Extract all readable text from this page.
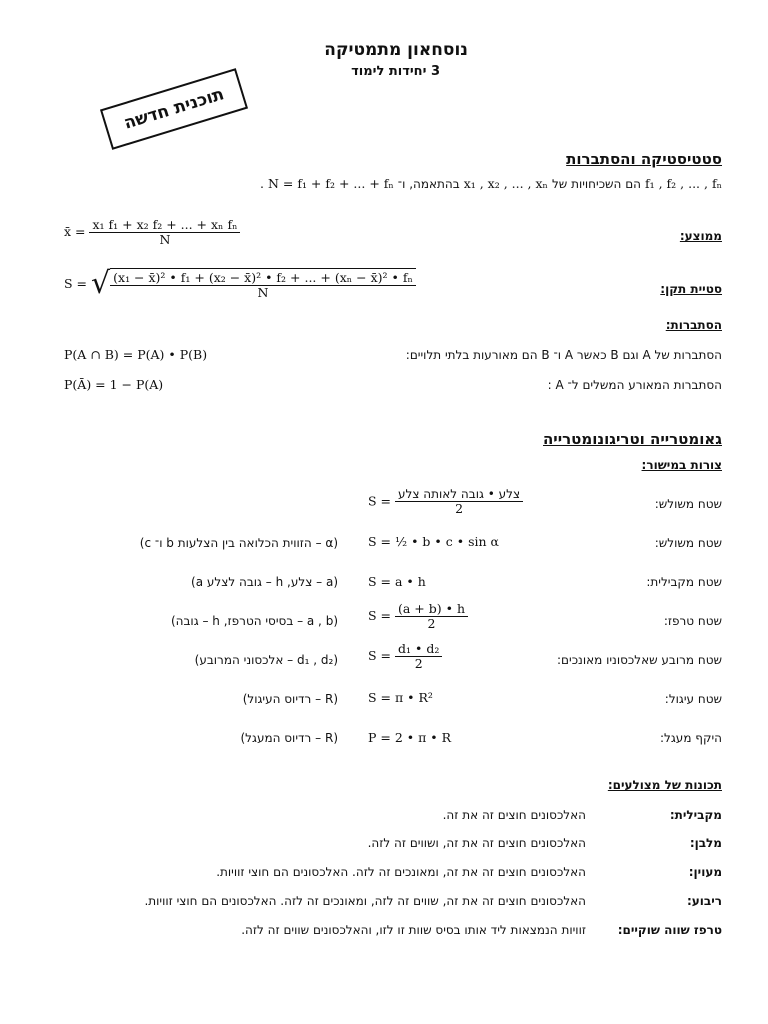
נוסחאון מתמטיקה
3 יחידות לימוד
תוכנית חדשה
סטטיסטיקה והסתברות
f₁ , f₂ , ... , fₙ הם השכיחויות של x₁ , x₂ , ... , xₙ בהתאמה, ו־ . N = f₁ + f₂ + ... + fₙ
ממוצע:
x̄ = $\frac{\text{x₁ f₁ + x₂ f₂ + ... + xₙ fₙ}}{N}$
סטיית תקן:
S = √ $\frac{\text{(x₁ − x̄)² • f₁ + (x₂ − x̄)² • f₂ + ... + (xₙ − x̄)² • fₙ}}{N}$
הסתברות:
הסתברות של A וגם B כאשר A ו־ B הם מאורעות בלתי תלויים:
P(A ∩ B) = P(A) • P(B)
הסתברות המאורע המשלים ל־ A :
P(Ā) = 1 − P(A)
גאומטרייה וטריגונומטרייה
צורות במישור:
שטח משולש:
$S = \frac{\text{צלע • גובה לאותה צלע}}{2}$
שטח משולש:
S = ½ • b • c • sin α
(α – הזווית הכלואה בין הצלעות b ו־ c)
שטח מקבילית:
S = a • h
(a – צלע, h – גובה לצלע a)
שטח טרפז:
$S = \frac{(a + b) • h}{2}$
(a , b – בסיסי הטרפז, h – גובה)
שטח מרובע שאלכסוניו מאונכים:
$S = \frac{\text{d₁ • d₂}}{2}$
(d₁ , d₂ – אלכסוני המרובע)
שטח עיגול:
S = π • R²
(R – רדיוס העיגול)
היקף מעגל:
P = 2 • π • R
(R – רדיוס המעגל)
תכונות של מצולעים:
מקבילית:
האלכסונים חוצים זה את זה.
מלבן:
האלכסונים חוצים זה את זה, ושווים זה לזה.
מעוין:
האלכסונים חוצים זה את זה, ומאונכים זה לזה. האלכסונים הם חוצי זוויות.
ריבוע:
האלכסונים חוצים זה את זה, שווים זה לזה, ומאונכים זה לזה. האלכסונים הם חוצי זוויות.
טרפז שווה שוקיים:
זוויות הנמצאות ליד אותו בסיס שוות זו לזו, והאלכסונים שווים זה לזה.
